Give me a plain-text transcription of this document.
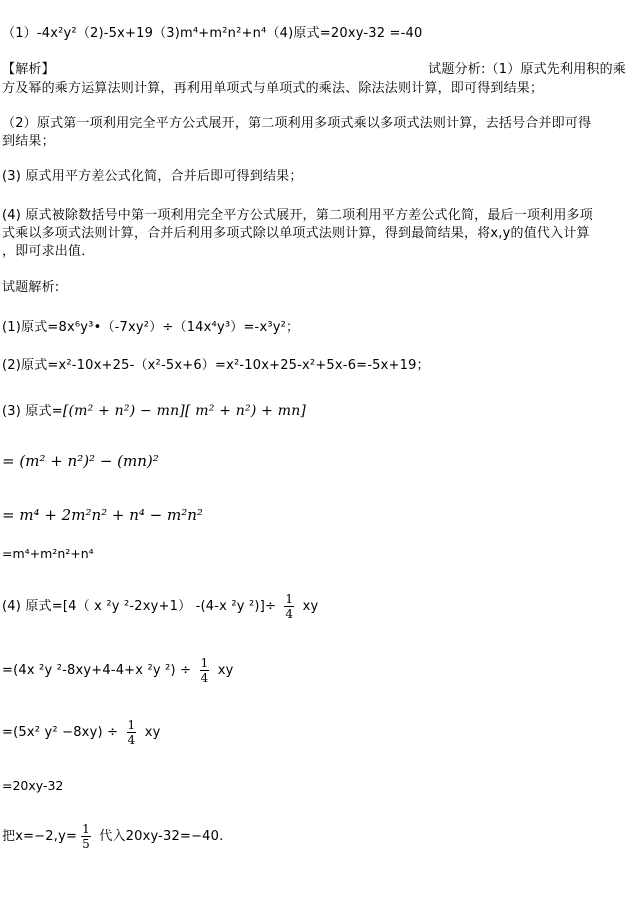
（1）-4x²y²（2)-5x+19（3)m⁴+m²n²+n⁴（4)原式=20xy-32 =-40
【解析】	试题分析:（1）原式先利用积的乘
方及幂的乘方运算法则计算，再利用单项式与单项式的乘法、除法法则计算，即可得到结果；
（2）原式第一项利用完全平方公式展开，第二项利用多项式乘以多项式法则计算，去括号合并即可得
到结果；
(3) 原式用平方差公式化简，合并后即可得到结果；
(4) 原式被除数括号中第一项利用完全平方公式展开，第二项利用平方差公式化简，最后一项利用多项
式乘以多项式法则计算，合并后利用多项式除以单项式法则计算，得到最简结果，将x,y的值代入计算
，即可求出值．
试题解析:
(1)原式=8x⁶y³•（-7xy²）÷（14x⁴y³）=-x³y²；
(2)原式=x²-10x+25-（x²-5x+6）=x²-10x+25-x²+5x-6=-5x+19；
(3) 原式=[(m² + n²) − mn][ m² + n²) + mn]
= (m² + n²)² − (mn)²
= m⁴ + 2m²n² + n⁴ − m²n²
=m⁴+m²n²+n⁴
(4) 原式=[4（ x ²y ²-2xy+1） -(4-x ²y $^2)]\div \frac{1}{4}$ xy
=(4x ²y ²-8xy+4-4+x ²y $^2) \div \frac{1}{4}$ xy
=(5x² $y^2 -8xy) \div \frac{1}{4}$ xy
=20xy-32
把$x=-2,y= \frac{1}{5}$ 代入20xy-32=−40.
